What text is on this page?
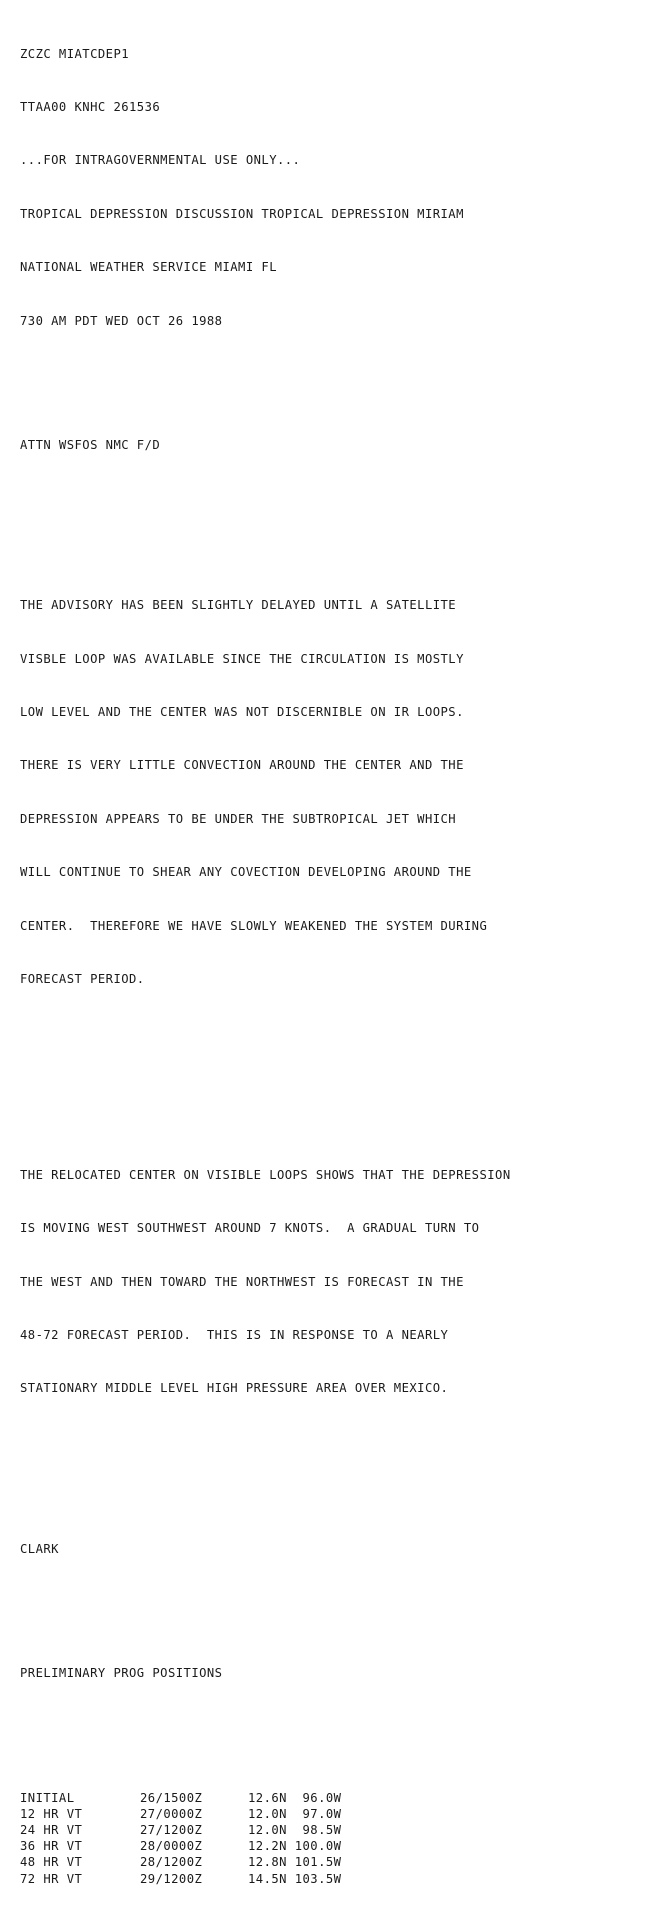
ZCZC MIATCDEP1

TTAA00 KNHC 261536

...FOR INTRAGOVERNMENTAL USE ONLY...

TROPICAL DEPRESSION DISCUSSION TROPICAL DEPRESSION MIRIAM

NATIONAL WEATHER SERVICE MIAMI FL

730 AM PDT WED OCT 26 1988

ATTN WSFOS NMC F/D

THE ADVISORY HAS BEEN SLIGHTLY DELAYED UNTIL A SATELLITE

VISBLE LOOP WAS AVAILABLE SINCE THE CIRCULATION IS MOSTLY

LOW LEVEL AND THE CENTER WAS NOT DISCERNIBLE ON IR LOOPS.

THERE IS VERY LITTLE CONVECTION AROUND THE CENTER AND THE

DEPRESSION APPEARS TO BE UNDER THE SUBTROPICAL JET WHICH

WILL CONTINUE TO SHEAR ANY COVECTION DEVELOPING AROUND THE

CENTER.  THEREFORE WE HAVE SLOWLY WEAKENED THE SYSTEM DURING

FORECAST PERIOD.

THE RELOCATED CENTER ON VISIBLE LOOPS SHOWS THAT THE DEPRESSION

IS MOVING WEST SOUTHWEST AROUND 7 KNOTS.  A GRADUAL TURN TO

THE WEST AND THEN TOWARD THE NORTHWEST IS FORECAST IN THE

48-72 FORECAST PERIOD.  THIS IS IN RESPONSE TO A NEARLY

STATIONARY MIDDLE LEVEL HIGH PRESSURE AREA OVER MEXICO.

CLARK

PRELIMINARY PROG POSITIONS

INITIAL	26/1500Z	12.6N  96.0W
12 HR VT	27/0000Z	12.0N  97.0W
24 HR VT	27/1200Z	12.0N  98.5W
36 HR VT	28/0000Z	12.2N 100.0W
48 HR VT	28/1200Z	12.8N 101.5W
72 HR VT	29/1200Z	14.5N 103.5W
